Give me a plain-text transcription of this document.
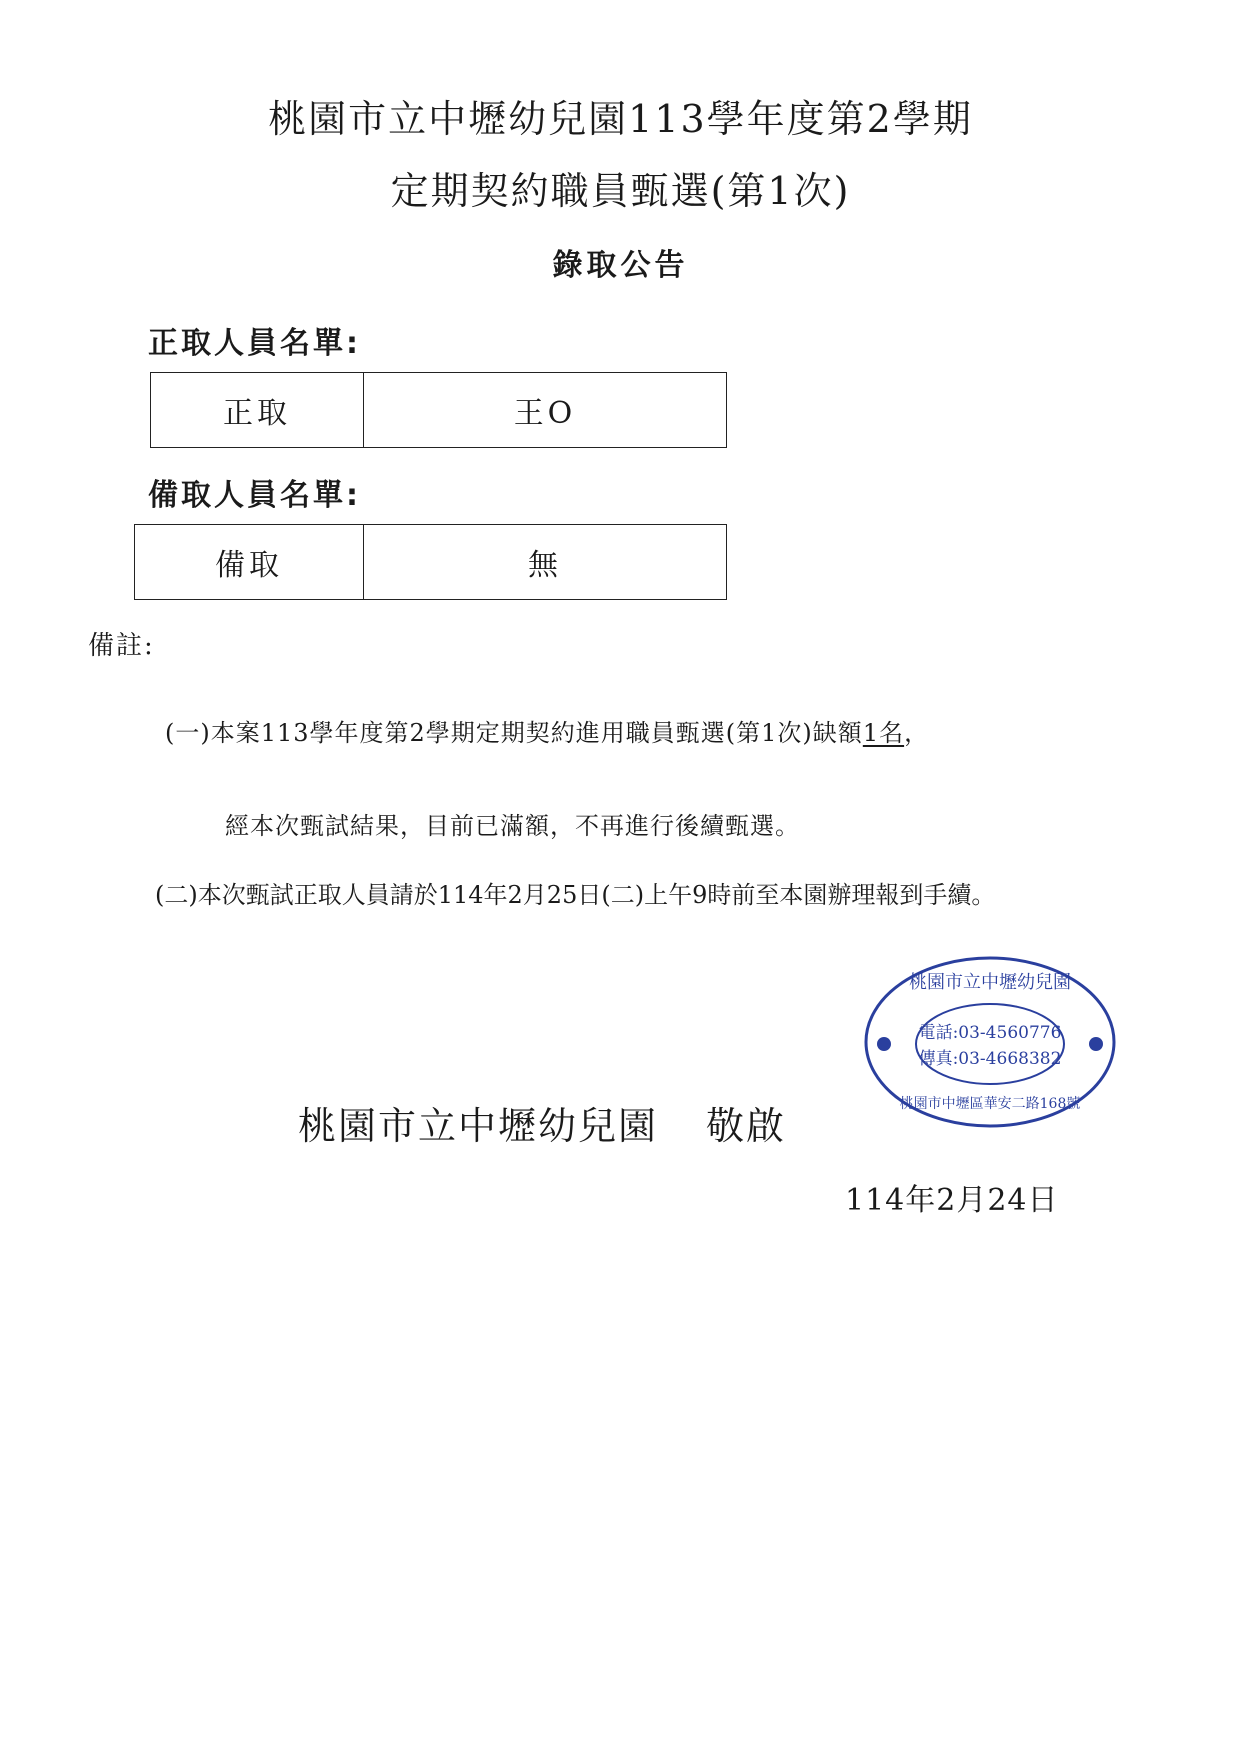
桃園市立中壢幼兒園113學年度第2學期
定期契約職員甄選(第1次)
錄取公告
正取人員名單:
正取	王O
備取人員名單:
備取	無
備註:
(一)本案113學年度第2學期定期契約進用職員甄選(第1次)缺額1名，
經本次甄試結果，目前已滿額，不再進行後續甄選。
(二)本次甄試正取人員請於114年2月25日(二)上午9時前至本園辦理報到手續。
桃園市立中壢幼兒園
電話:03-4560776
傳真:03-4668382
桃園市中壢區華安二路168號
桃園市立中壢幼兒園 敬啟
114年2月24日
